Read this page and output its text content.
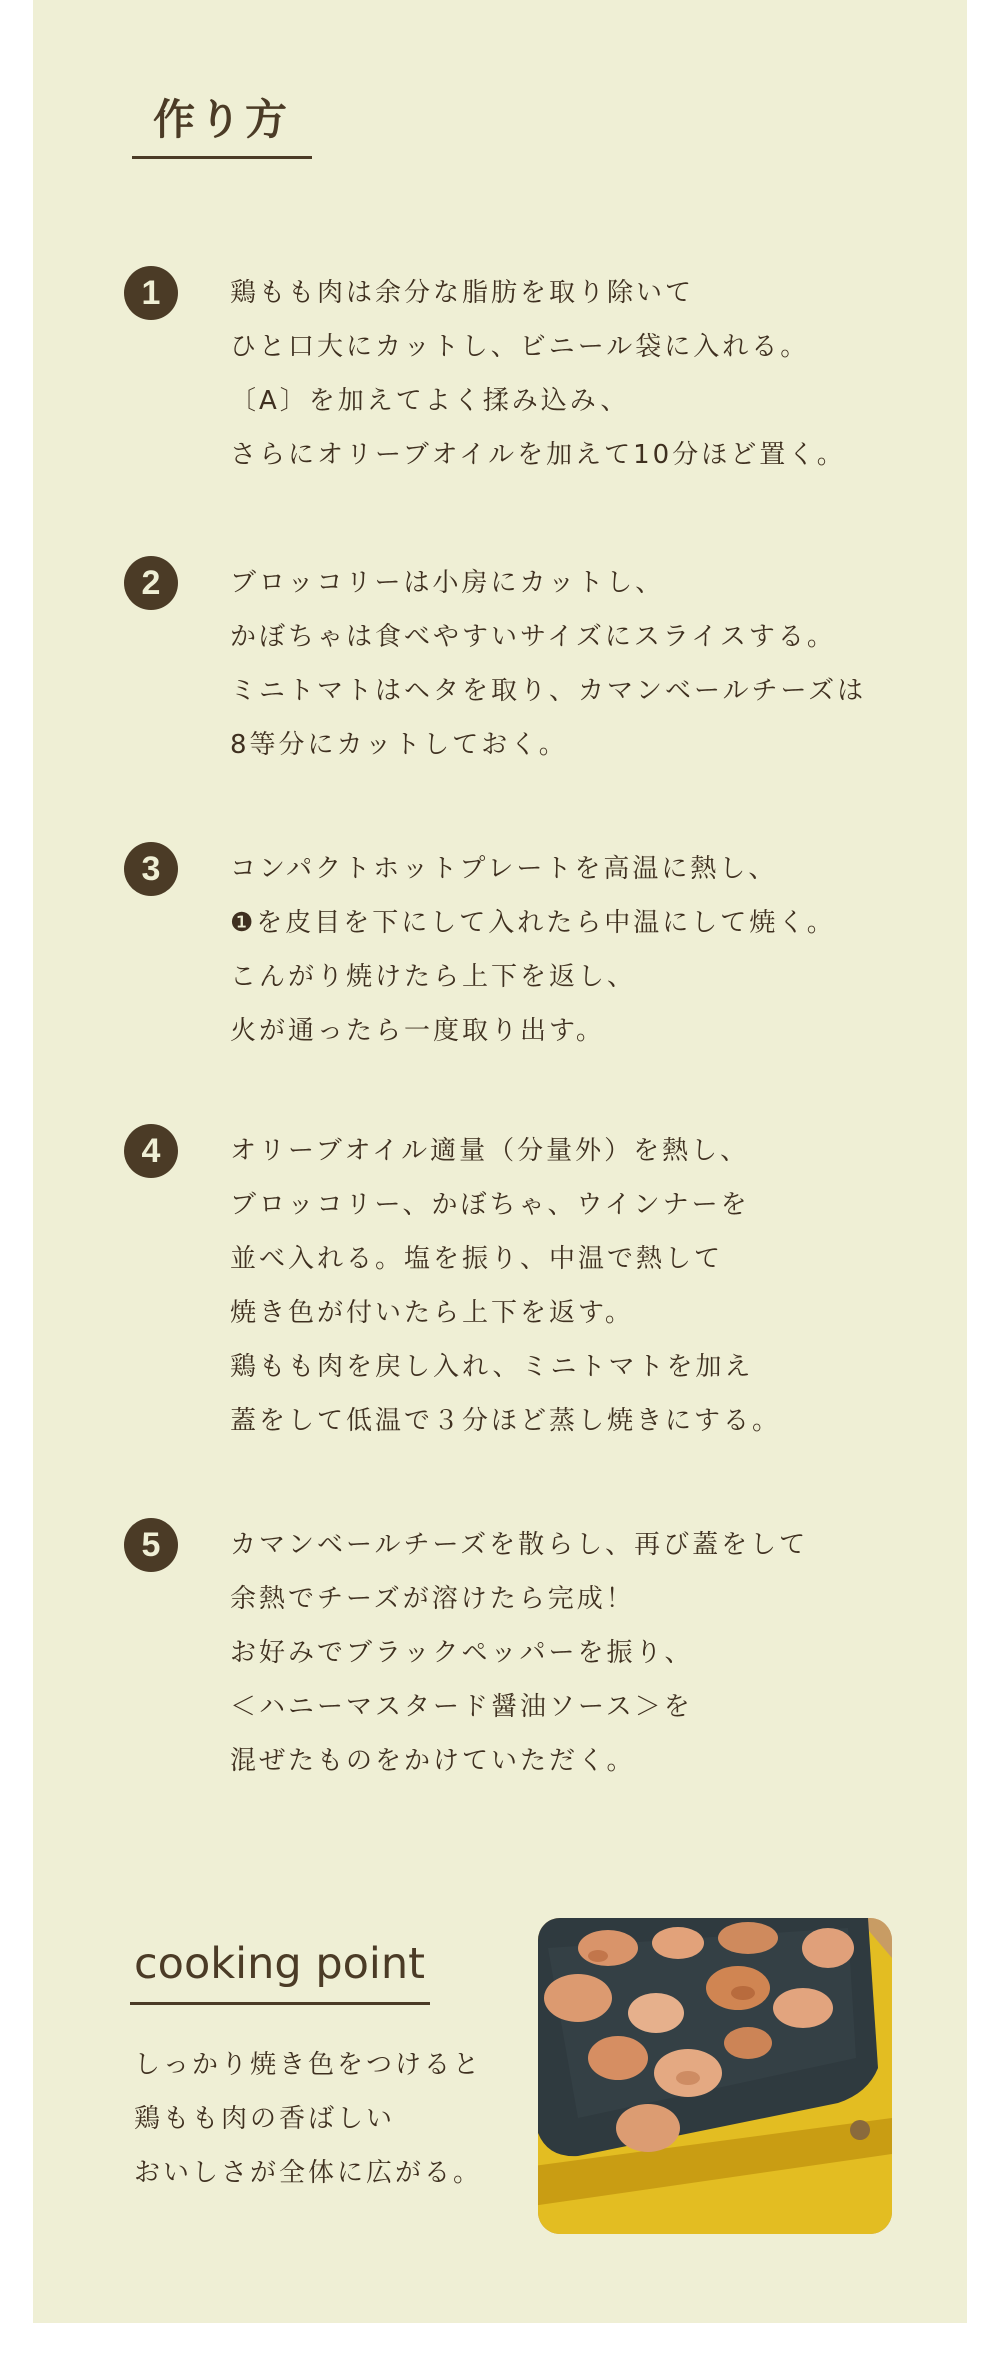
作り方
1	鶏もも肉は余分な脂肪を取り除いて
ひと口大にカットし、ビニール袋に入れる。
〔A〕を加えてよく揉み込み、
さらにオリーブオイルを加えて10分ほど置く。
2	ブロッコリーは小房にカットし、
かぼちゃは食べやすいサイズにスライスする。
ミニトマトはヘタを取り、カマンベールチーズは
8等分にカットしておく。
3	コンパクトホットプレートを高温に熱し、
❶を皮目を下にして入れたら中温にして焼く。
こんがり焼けたら上下を返し、
火が通ったら一度取り出す。
4	オリーブオイル適量（分量外）を熱し、
ブロッコリー、かぼちゃ、ウインナーを
並べ入れる。塩を振り、中温で熱して
焼き色が付いたら上下を返す。
鶏もも肉を戻し入れ、ミニトマトを加え
蓋をして低温で３分ほど蒸し焼きにする。
5	カマンベールチーズを散らし、再び蓋をして
余熱でチーズが溶けたら完成！
お好みでブラックペッパーを振り、
＜ハニーマスタード醤油ソース＞を
混ぜたものをかけていただく。
cooking point
しっかり焼き色をつけると
鶏もも肉の香ばしい
おいしさが全体に広がる。
